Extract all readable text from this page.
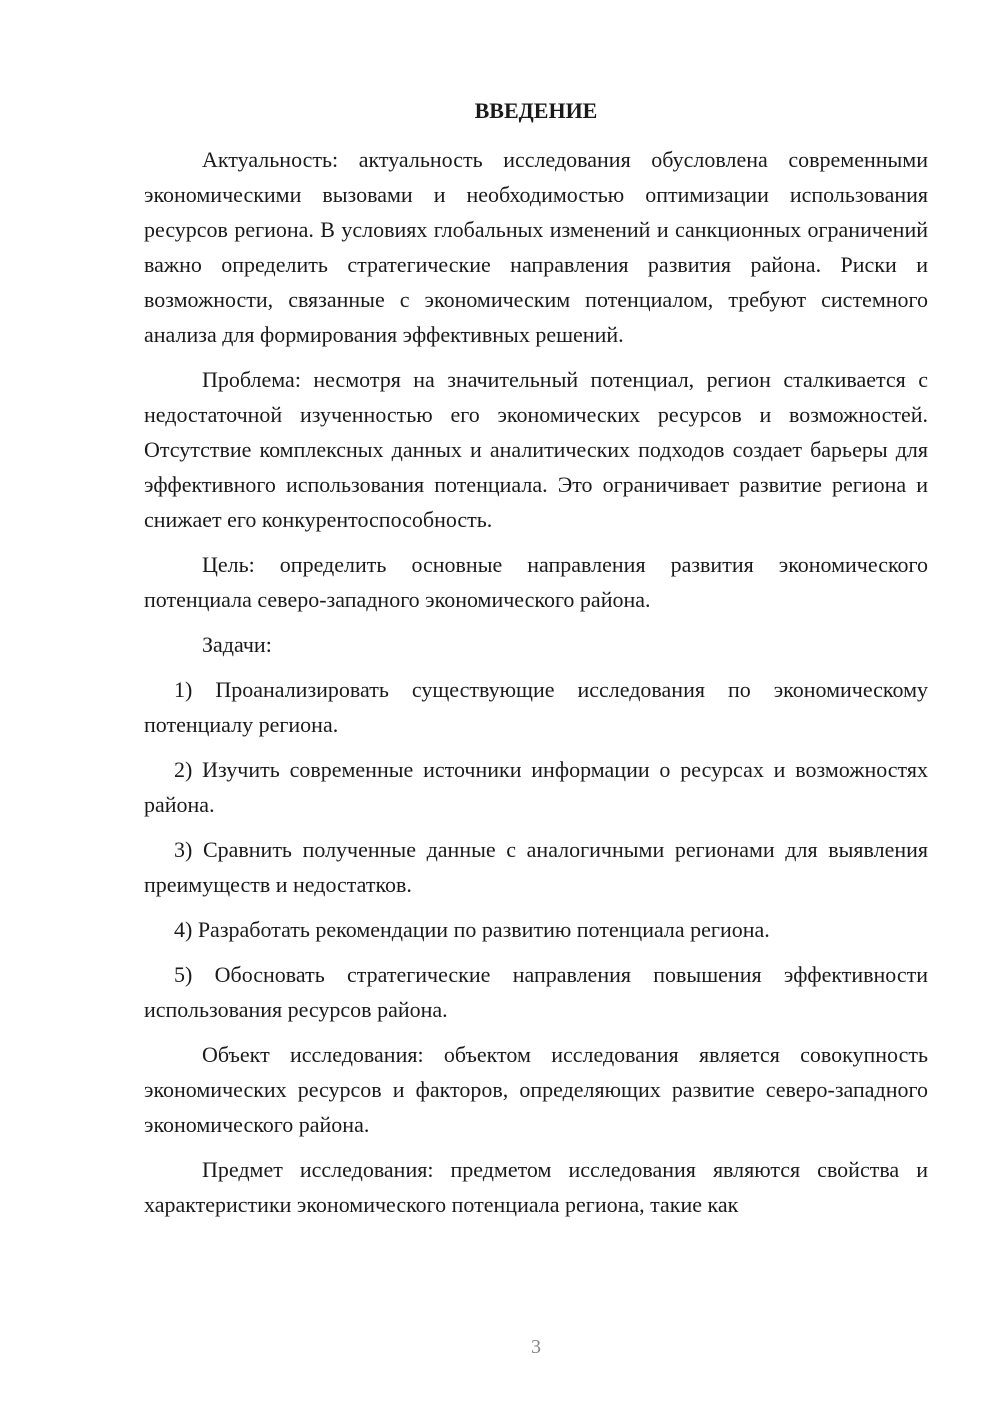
ВВЕДЕНИЕ

Актуальность: актуальность исследования обусловлена современными экономическими вызовами и необходимостью оптимизации использования ресурсов региона. В условиях глобальных изменений и санкционных ограничений важно определить стратегические направления развития района. Риски и возможности, связанные с экономическим потенциалом, требуют системного анализа для формирования эффективных решений.

Проблема: несмотря на значительный потенциал, регион сталкивается с недостаточной изученностью его экономических ресурсов и возможностей. Отсутствие комплексных данных и аналитических подходов создает барьеры для эффективного использования потенциала. Это ограничивает развитие региона и снижает его конкурентоспособность.

Цель: определить основные направления развития экономического потенциала северо-западного экономического района.

Задачи:

1) Проанализировать существующие исследования по экономическому потенциалу региона.

2) Изучить современные источники информации о ресурсах и возможностях района.

3) Сравнить полученные данные с аналогичными регионами для выявления преимуществ и недостатков.

4) Разработать рекомендации по развитию потенциала региона.

5) Обосновать стратегические направления повышения эффективности использования ресурсов района.

Объект исследования: объектом исследования является совокупность экономических ресурсов и факторов, определяющих развитие северо-западного экономического района.

Предмет исследования: предметом исследования являются свойства и характеристики экономического потенциала региона, такие как

3
